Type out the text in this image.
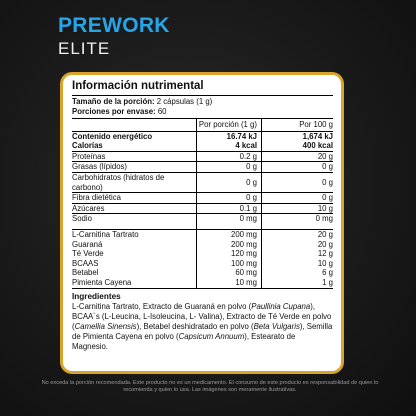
PREWORK
ELITE
Información nutrimental
Tamaño de la porción: 2 cápsulas (1 g)
Porciones por envase: 60
	Por porción (1 g)	Por 100 g
Contenido energético	16.74 kJ	1,674 kJ
Calorías	4 kcal	400 kcal
Proteínas	0.2 g	20 g
Grasas (lípidos)	0 g	0 g
Carbohidratos (hidratos de carbono)	0 g	0 g
Fibra dietética	0 g	0 g
Azúcares	0.1 g	10 g
Sodio	0 mg	0 mg

L-Carnitina Tartrato	200 mg	20 g
Guaraná	200 mg	20 g
Té Verde	120 mg	12 g
BCAAS	100 mg	10 g
Betabel	60 mg	6 g
Pimienta Cayena	10 mg	1 g
Ingredientes
L-Carnitina Tartrato, Extracto de Guaraná en polvo (Paullinia Cupana), BCAA´s (L-Leucina, L-Isoleucina, L- Valina), Extracto de Té Verde en polvo (Camellia Sinensis), Betabel deshidratado en polvo (Beta Vulgaris), Semilla de Pimienta Cayena en polvo (Capsicum Annuum), Estearato de Magnesio.
No exceda la porción recomendada. Este producto no es un medicamento. El consumo de este producto es responsabilidad de quien lo recomienda y quien lo usa. Las imágenes son meramente ilustrativas.
